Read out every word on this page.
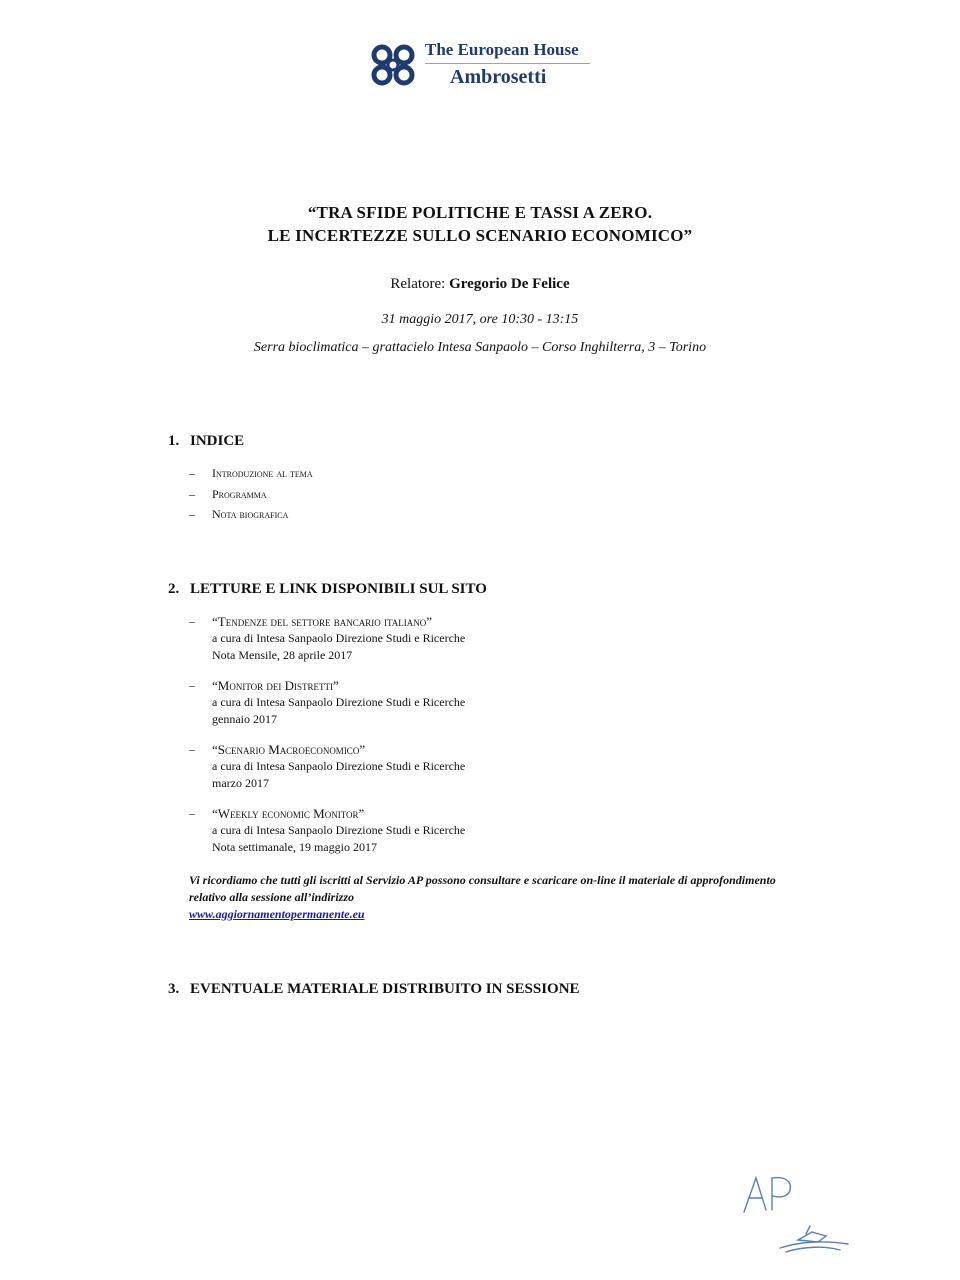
The European House
Ambrosetti
“TRA SFIDE POLITICHE E TASSI A ZERO.
LE INCERTEZZE SULLO SCENARIO ECONOMICO”
Relatore: Gregorio De Felice
31 maggio 2017, ore 10:30 - 13:15
Serra bioclimatica – grattacielo Intesa Sanpaolo – Corso Inghilterra, 3 – Torino
1. INDICE
– Introduzione al tema
– Programma
– Nota biografica
2. LETTURE E LINK DISPONIBILI SUL SITO
– “Tendenze del settore bancario italiano”
a cura di Intesa Sanpaolo Direzione Studi e Ricerche
Nota Mensile, 28 aprile 2017
– “Monitor dei Distretti”
a cura di Intesa Sanpaolo Direzione Studi e Ricerche
gennaio 2017
– “Scenario Macroeconomico”
a cura di Intesa Sanpaolo Direzione Studi e Ricerche
marzo 2017
– “Weekly economic Monitor”
a cura di Intesa Sanpaolo Direzione Studi e Ricerche
Nota settimanale, 19 maggio 2017
Vi ricordiamo che tutti gli iscritti al Servizio AP possono consultare e scaricare on-line il materiale di approfondimento relativo alla sessione all’indirizzo
www.aggiornamentopermanente.eu
3. EVENTUALE MATERIALE DISTRIBUITO IN SESSIONE
